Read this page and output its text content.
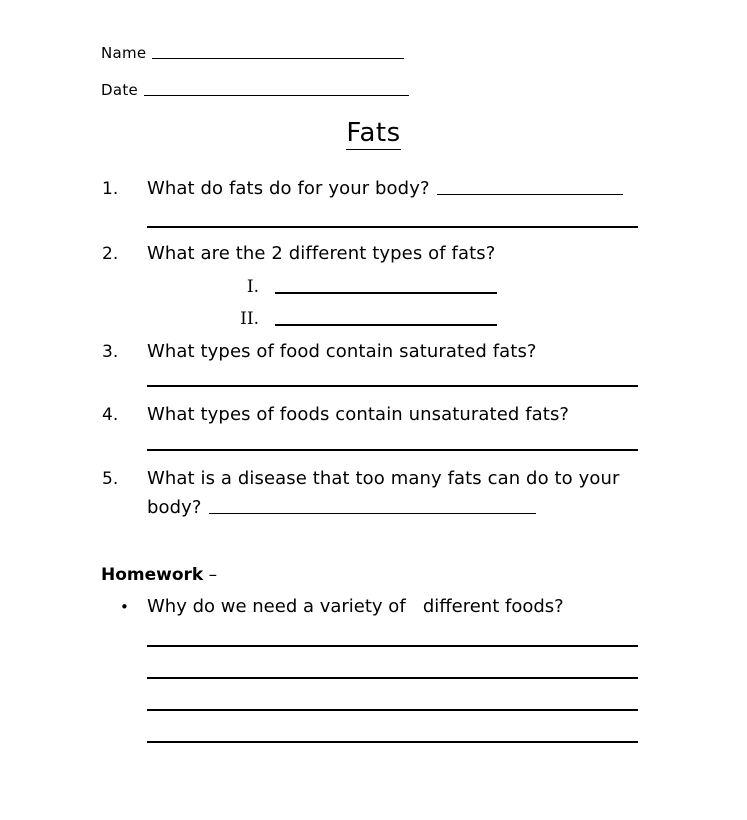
Name
Date
Fats
1.	What do fats do for your body?
2.	What are the 2 different types of fats?
I.
II.
3.	What types of food contain saturated fats?
4.	What types of foods contain unsaturated fats?
5.	What is a disease that too many fats can do to your
body?
Homework –
•	Why do we need a variety of   different foods?
